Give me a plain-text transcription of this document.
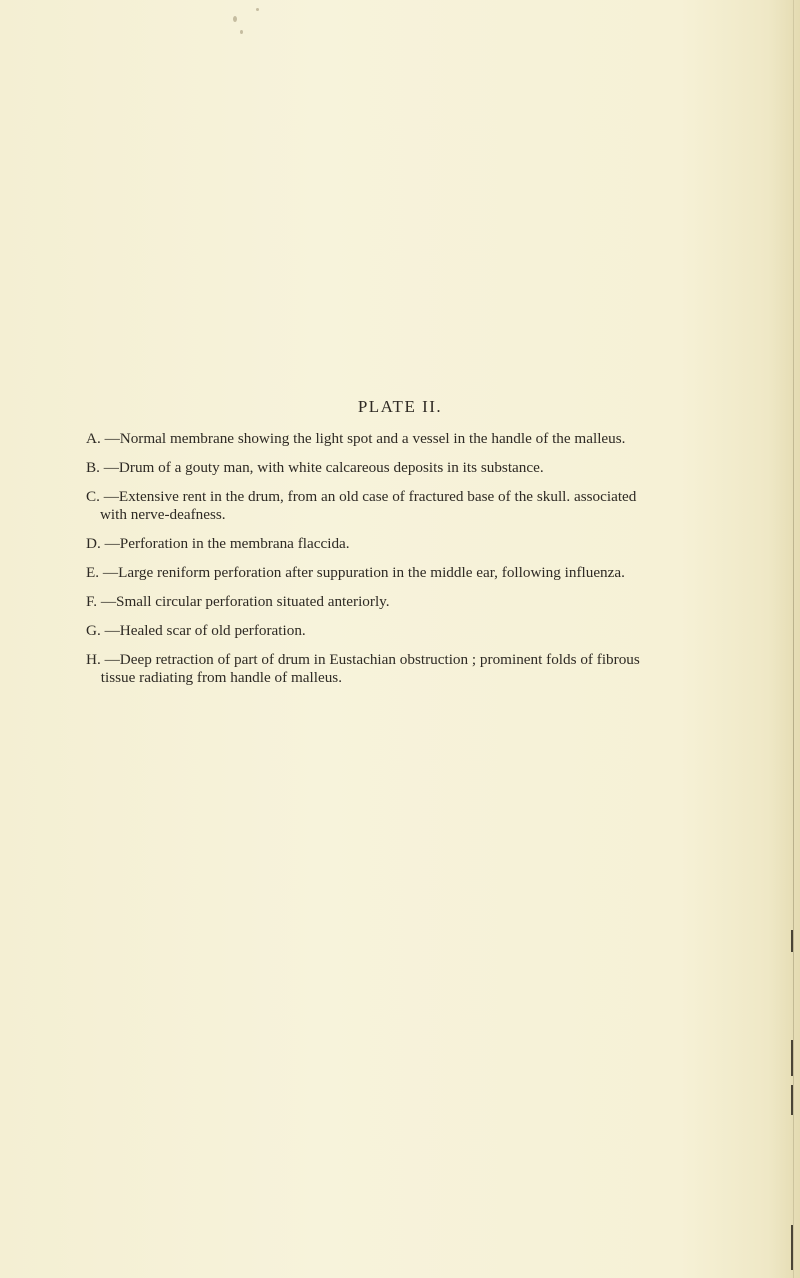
PLATE II.
A. —Normal membrane showing the light spot and a vessel in the handle of the malleus.
B. —Drum of a gouty man, with white calcareous deposits in its substance.
C. —Extensive rent in the drum, from an old case of fractured base of the skull. associated with nerve-deafness.
D. —Perforation in the membrana flaccida.
E. —Large reniform perforation after suppuration in the middle ear, following influenza.
F. —Small circular perforation situated anteriorly.
G. —Healed scar of old perforation.
H. —Deep retraction of part of drum in Eustachian obstruction ; prominent folds of fibrous tissue radiating from handle of malleus.
